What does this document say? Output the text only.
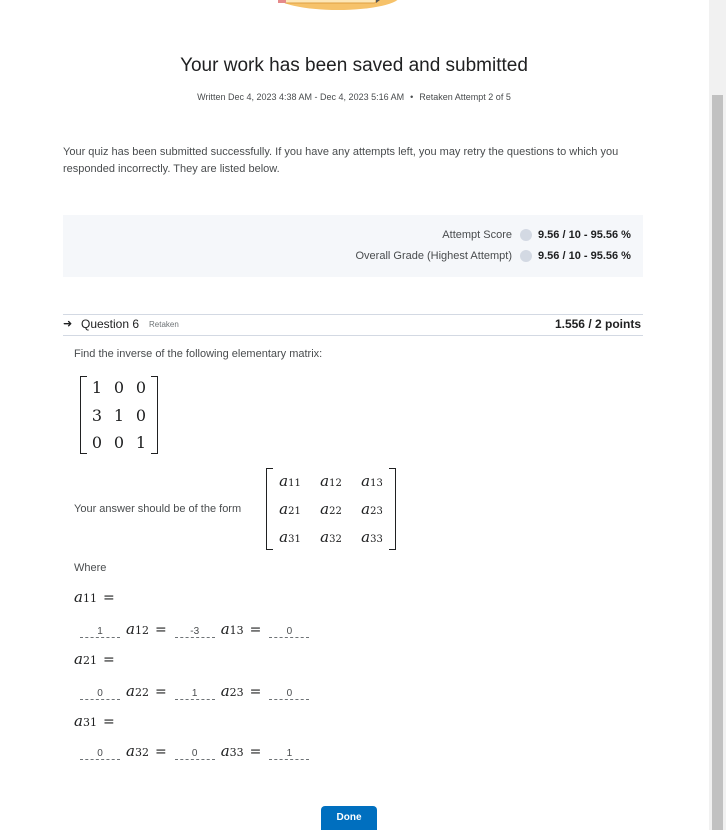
Your work has been saved and submitted
Written Dec 4, 2023 4:38 AM - Dec 4, 2023 5:16 AM • Retaken Attempt 2 of 5
Your quiz has been submitted successfully. If you have any attempts left, you may retry the questions to which you responded incorrectly. They are listed below.
Attempt Score 9.56 / 10 - 95.56 %
Overall Grade (Highest Attempt) 9.56 / 10 - 95.56 %
➜ Question 6 Retaken	1.556 / 2 points
Find the inverse of the following elementary matrix:
1 0 0
3 1 0
0 0 1
Your answer should be of the form
a11	a12	a13
a21	a22	a23
a31	a32	a33
Where
a11 =
1	a12 =	-3	a13 =	0
a21 =
0	a22 =	1	a23 =	0
a31 =
0	a32 =	0	a33 =	1
Done
